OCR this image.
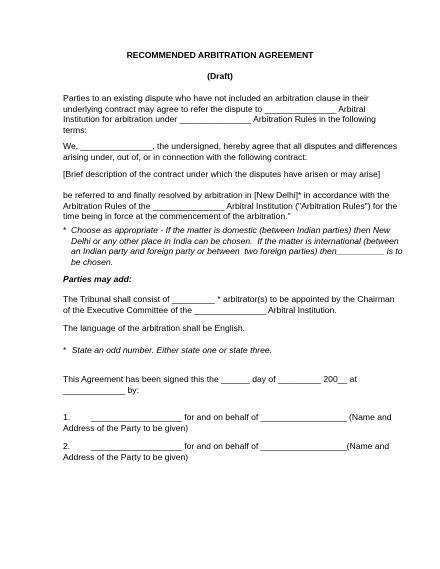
RECOMMENDED ARBITRATION AGREEMENT
(Draft)
Parties to an existing dispute who have not included an arbitration clause in their
underlying contract may agree to refer the dispute to _______________ Arbitral
Institution for arbitration under _______________ Arbitration Rules in the following
terms:
We, _______________, the undersigned, hereby agree that all disputes and differences
arising under, out of, or in connection with the following contract:
[Brief description of the contract under which the disputes have arisen or may arise]
be referred to and finally resolved by arbitration in [New Delhi]* in accordance with the
Arbitration Rules of the _______________ Arbitral Institution ("Arbitration Rules") for the
time being in force at the commencement of the arbitration."
* Choose as appropriate - If the matter is domestic (between Indian parties) then New
Delhi or any other place in India can be chosen.  If the matter is international (between
an Indian party and foreign party or between  two foreign parties) then__________ is to
be chosen.
Parties may add:
The Tribunal shall consist of _________ * arbitrator(s) to be appointed by the Chairman
of the Executive Committee of the _______________ Arbitral Institution.
The language of the arbitration shall be English.
* State an odd number. Either state one or state three.
This Agreement has been signed this the ______ day of _________ 200__ at
_____________ by:
1. ___________________ for and on behalf of __________________ (Name and
Address of the Party to be given)
2. ___________________ for and on behalf of __________________(Name and
Address of the Party to be given)
